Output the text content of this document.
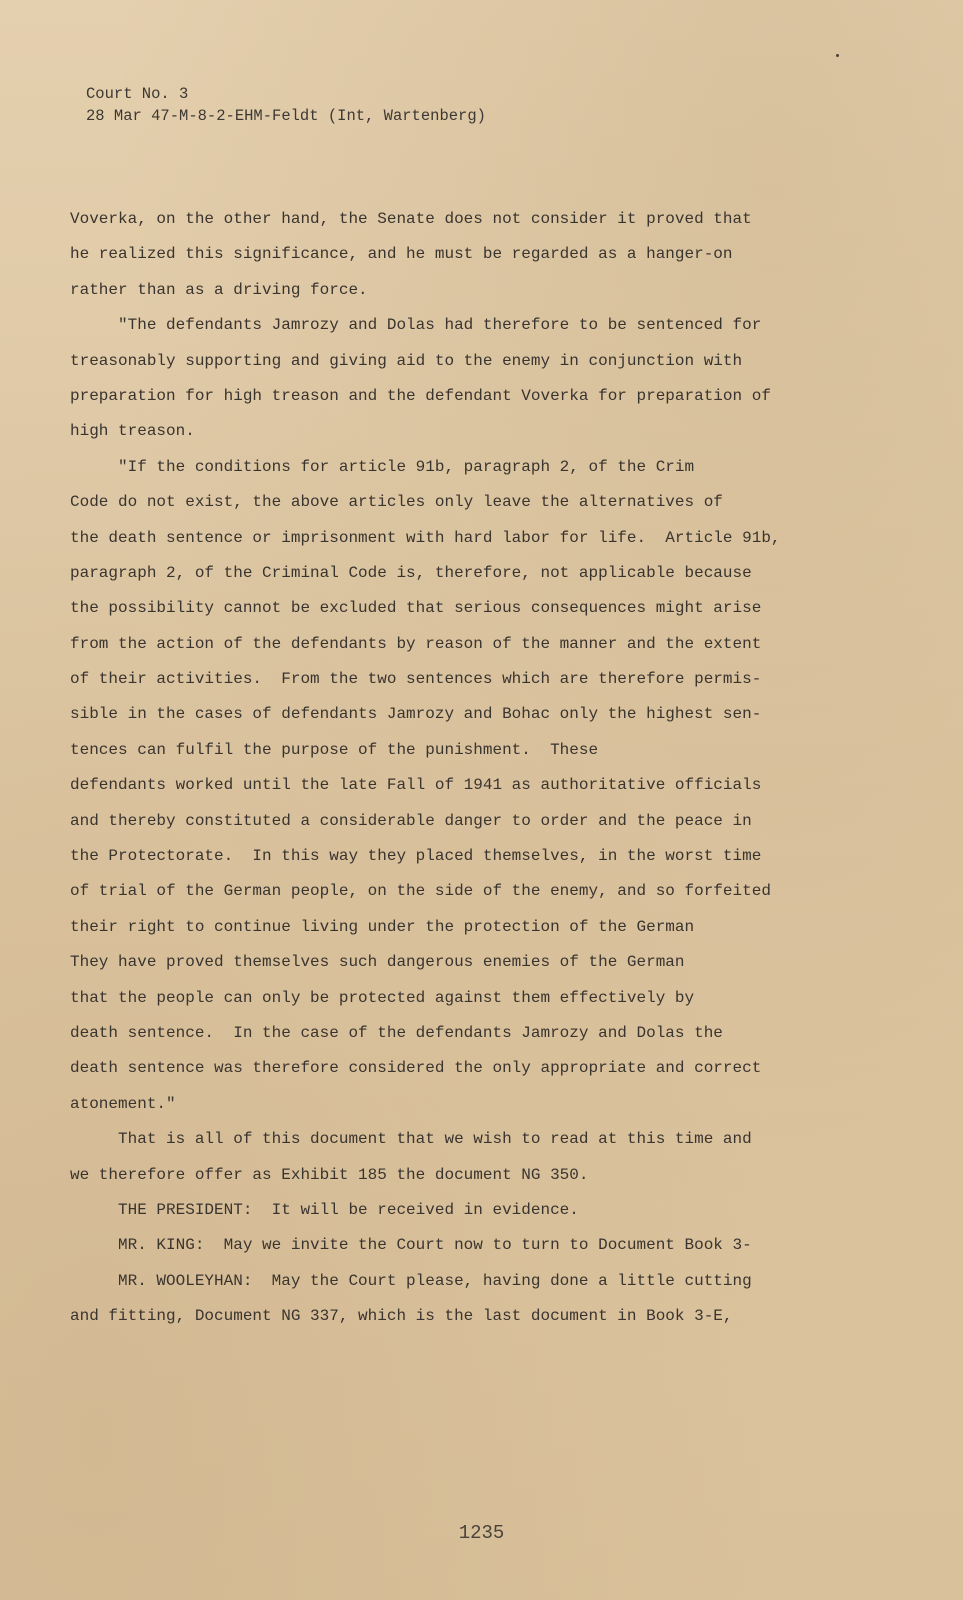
Court No. 3
28 Mar 47-M-8-2-EHM-Feldt (Int, Wartenberg)
Voverka, on the other hand, the Senate does not consider it proved that
he realized this significance, and he must be regarded as a hanger-on
rather than as a driving force.
"The defendants Jamrozy and Dolas had therefore to be sentenced for
treasonably supporting and giving aid to the enemy in conjunction with
preparation for high treason and the defendant Voverka for preparation of
high treason.
"If the conditions for article 91b, paragraph 2, of the Crim
Code do not exist, the above articles only leave the alternatives of
the death sentence or imprisonment with hard labor for life.  Article 91b,
paragraph 2, of the Criminal Code is, therefore, not applicable because
the possibility cannot be excluded that serious consequences might arise
from the action of the defendants by reason of the manner and the extent
of their activities.  From the two sentences which are therefore permis-
sible in the cases of defendants Jamrozy and Bohac only the highest sen-
tences can fulfil the purpose of the punishment.  These
defendants worked until the late Fall of 1941 as authoritative officials
and thereby constituted a considerable danger to order and the peace in
the Protectorate.  In this way they placed themselves, in the worst time
of trial of the German people, on the side of the enemy, and so forfeited
their right to continue living under the protection of the German
They have proved themselves such dangerous enemies of the German
that the people can only be protected against them effectively by
death sentence.  In the case of the defendants Jamrozy and Dolas the
death sentence was therefore considered the only appropriate and correct
atonement."
That is all of this document that we wish to read at this time and
we therefore offer as Exhibit 185 the document NG 350.
THE PRESIDENT:  It will be received in evidence.
MR. KING:  May we invite the Court now to turn to Document Book 3-
MR. WOOLEYHAN:  May the Court please, having done a little cutting
and fitting, Document NG 337, which is the last document in Book 3-E,
1235
